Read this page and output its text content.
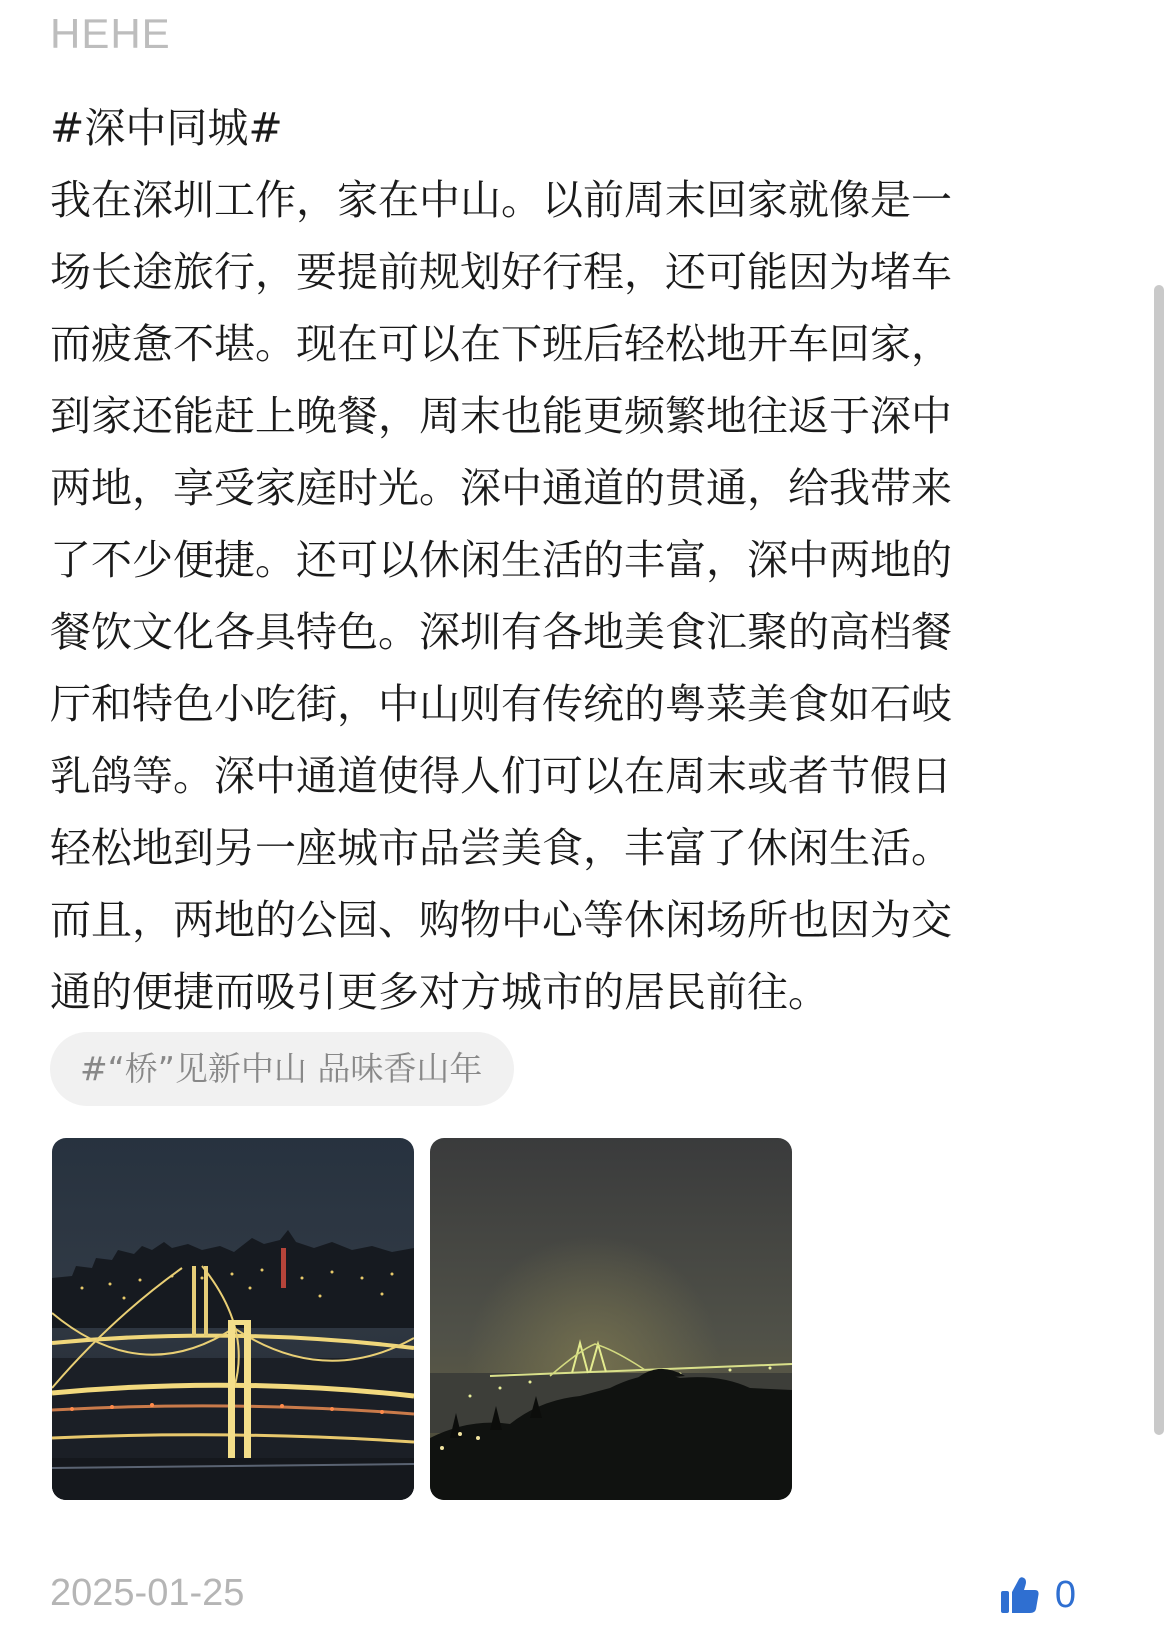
HEHE
#深中同城#
我在深圳工作，家在中山。以前周末回家就像是一
场长途旅行，要提前规划好行程，还可能因为堵车
而疲惫不堪。现在可以在下班后轻松地开车回家，
到家还能赶上晚餐，周末也能更频繁地往返于深中
两地，享受家庭时光。深中通道的贯通，给我带来
了不少便捷。还可以休闲生活的丰富，深中两地的
餐饮文化各具特色。深圳有各地美食汇聚的高档餐
厅和特色小吃街，中山则有传统的粤菜美食如石岐
乳鸽等。深中通道使得人们可以在周末或者节假日
轻松地到另一座城市品尝美食，丰富了休闲生活。
而且，两地的公园、购物中心等休闲场所也因为交
通的便捷而吸引更多对方城市的居民前往。
#“桥”见新中山 品味香山年
2025-01-25	0
